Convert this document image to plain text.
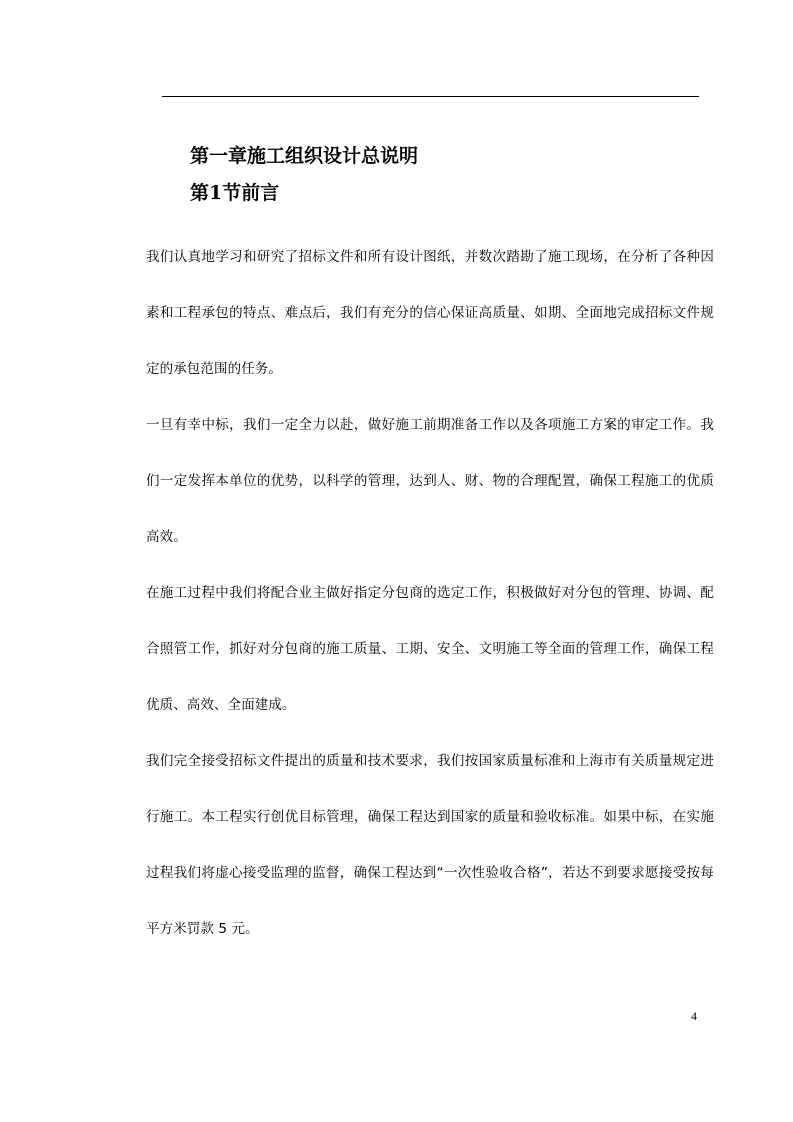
第一章施工组织设计总说明
第1节前言

我们认真地学习和研究了招标文件和所有设计图纸，并数次踏勘了施工现场，在分析了各种因素和工程承包的特点、难点后，我们有充分的信心保证高质量、如期、全面地完成招标文件规定的承包范围的任务。

一旦有幸中标，我们一定全力以赴，做好施工前期准备工作以及各项施工方案的审定工作。我们一定发挥本单位的优势，以科学的管理，达到人、财、物的合理配置，确保工程施工的优质高效。

在施工过程中我们将配合业主做好指定分包商的选定工作，积极做好对分包的管理、协调、配合照管工作，抓好对分包商的施工质量、工期、安全、文明施工等全面的管理工作，确保工程优质、高效、全面建成。

我们完全接受招标文件提出的质量和技术要求，我们按国家质量标准和上海市有关质量规定进行施工。本工程实行创优目标管理，确保工程达到国家的质量和验收标准。如果中标，在实施过程我们将虚心接受监理的监督，确保工程达到“一次性验收合格”，若达不到要求愿接受按每平方米罚款 5 元。

4
